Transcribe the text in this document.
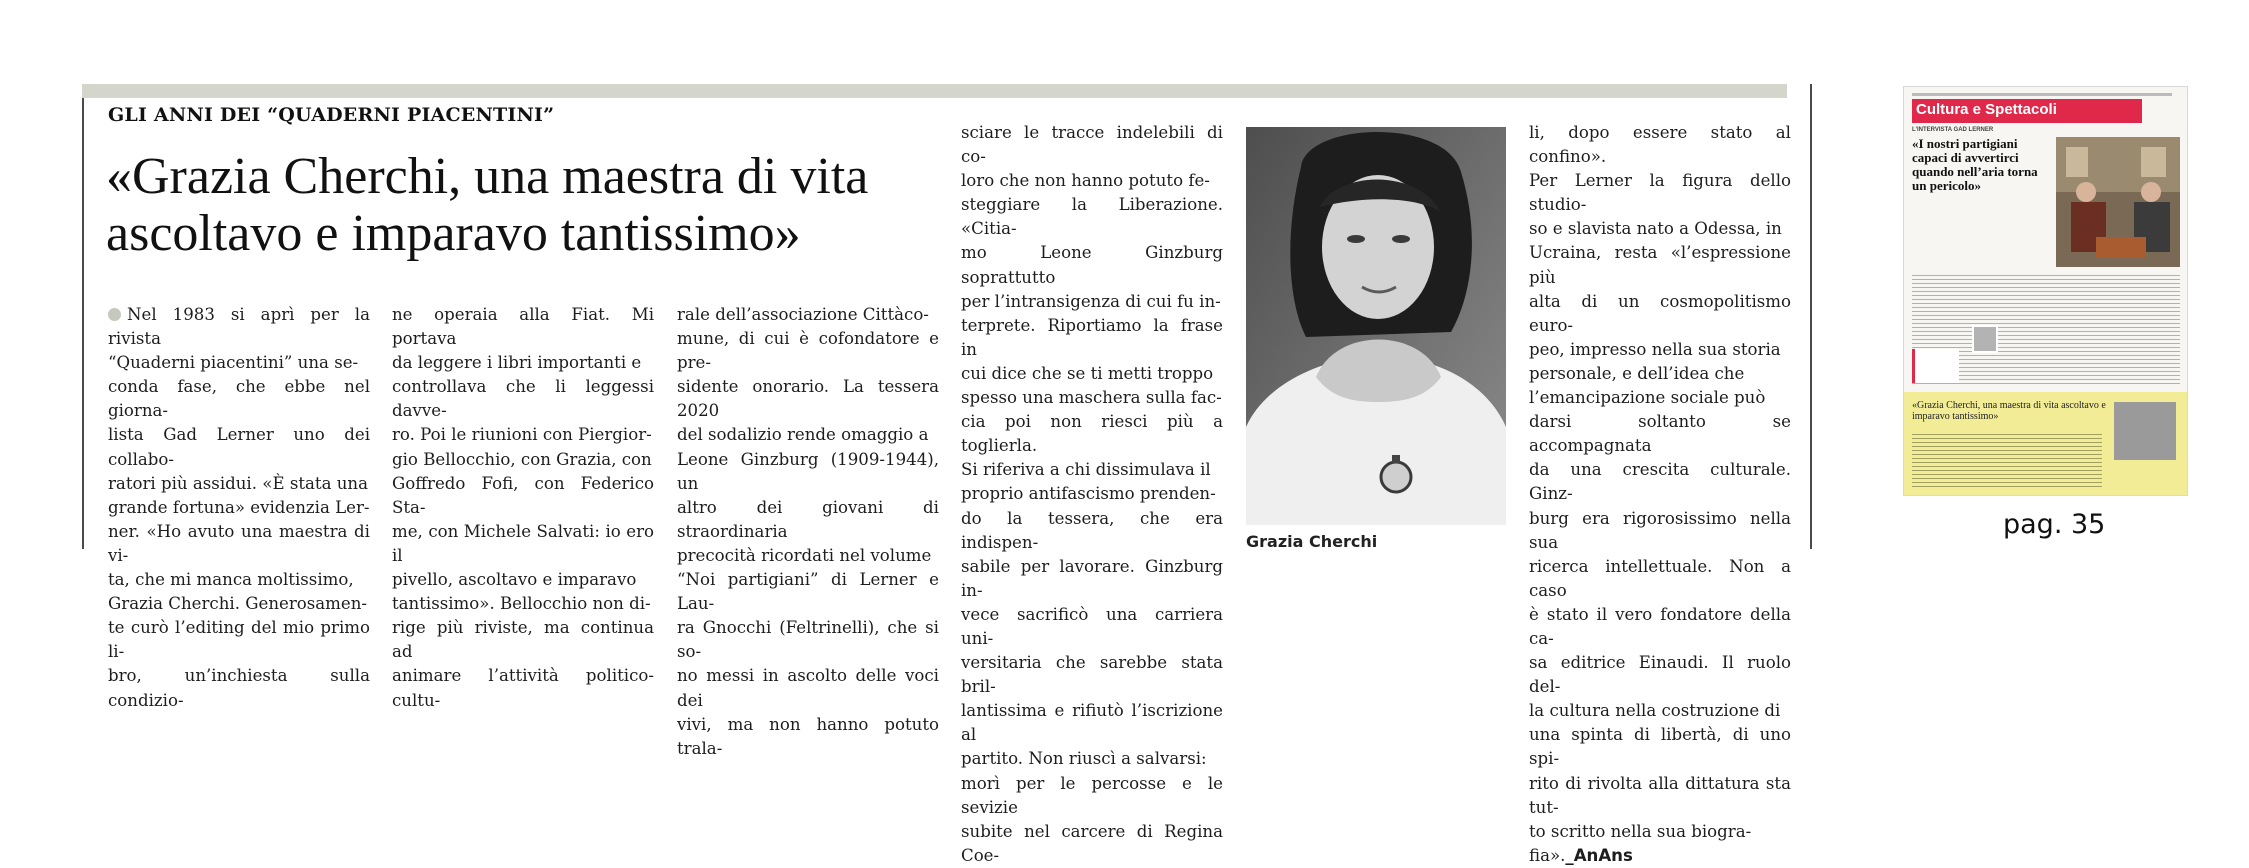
GLI ANNI DEI “QUADERNI PIACENTINI”
«Grazia Cherchi, una maestra di vita ascoltavo e imparavo tantissimo»
Nel 1983 si aprì per la rivista
“Quaderni piacentini” una se-
conda fase, che ebbe nel giorna-
lista Gad Lerner uno dei collabo-
ratori più assidui. «È stata una
grande fortuna» evidenzia Ler-
ner. «Ho avuto una maestra di vi-
ta, che mi manca moltissimo,
Grazia Cherchi. Generosamen-
te curò l’editing del mio primo li-
bro, un’inchiesta sulla condizio-
ne operaia alla Fiat. Mi portava
da leggere i libri importanti e
controllava che li leggessi davve-
ro. Poi le riunioni con Piergior-
gio Bellocchio, con Grazia, con
Goffredo Fofi, con Federico Sta-
me, con Michele Salvati: io ero il
pivello, ascoltavo e imparavo
tantissimo». Bellocchio non di-
rige più riviste, ma continua ad
animare l’attività politico-cultu-
rale dell’associazione Cittàco-
mune, di cui è cofondatore e pre-
sidente onorario. La tessera 2020
del sodalizio rende omaggio a
Leone Ginzburg (1909-1944), un
altro dei giovani di straordinaria
precocità ricordati nel volume
“Noi partigiani” di Lerner e Lau-
ra Gnocchi (Feltrinelli), che si so-
no messi in ascolto delle voci dei
vivi, ma non hanno potuto trala-
sciare le tracce indelebili di co-
loro che non hanno potuto fe-
steggiare la Liberazione. «Citia-
mo Leone Ginzburg soprattutto
per l’intransigenza di cui fu in-
terprete. Riportiamo la frase in
cui dice che se ti metti troppo
spesso una maschera sulla fac-
cia poi non riesci più a toglierla.
Si riferiva a chi dissimulava il
proprio antifascismo prenden-
do la tessera, che era indispen-
sabile per lavorare. Ginzburg in-
vece sacrificò una carriera uni-
versitaria che sarebbe stata bril-
lantissima e rifiutò l’iscrizione al
partito. Non riuscì a salvarsi:
morì per le percosse e le sevizie
subite nel carcere di Regina Coe-
li, dopo essere stato al confino».
Per Lerner la figura dello studio-
so e slavista nato a Odessa, in
Ucraina, resta «l’espressione più
alta di un cosmopolitismo euro-
peo, impresso nella sua storia
personale, e dell’idea che
l’emancipazione sociale può
darsi soltanto se accompagnata
da una crescita culturale. Ginz-
burg era rigorosissimo nella sua
ricerca intellettuale. Non a caso
è stato il vero fondatore della ca-
sa editrice Einaudi. Il ruolo del-
la cultura nella costruzione di
una spinta di libertà, di uno spi-
rito di rivolta alla dittatura sta tut-
to scritto nella sua biogra-
fia»._AnAns
Grazia Cherchi
Cultura e Spettacoli
L’INTERVISTA GAD LERNER
«I nostri partigiani capaci di avvertirci quando nell’aria torna un pericolo»
«Grazia Cherchi, una maestra di vita ascoltavo e imparavo tantissimo»
pag. 35
